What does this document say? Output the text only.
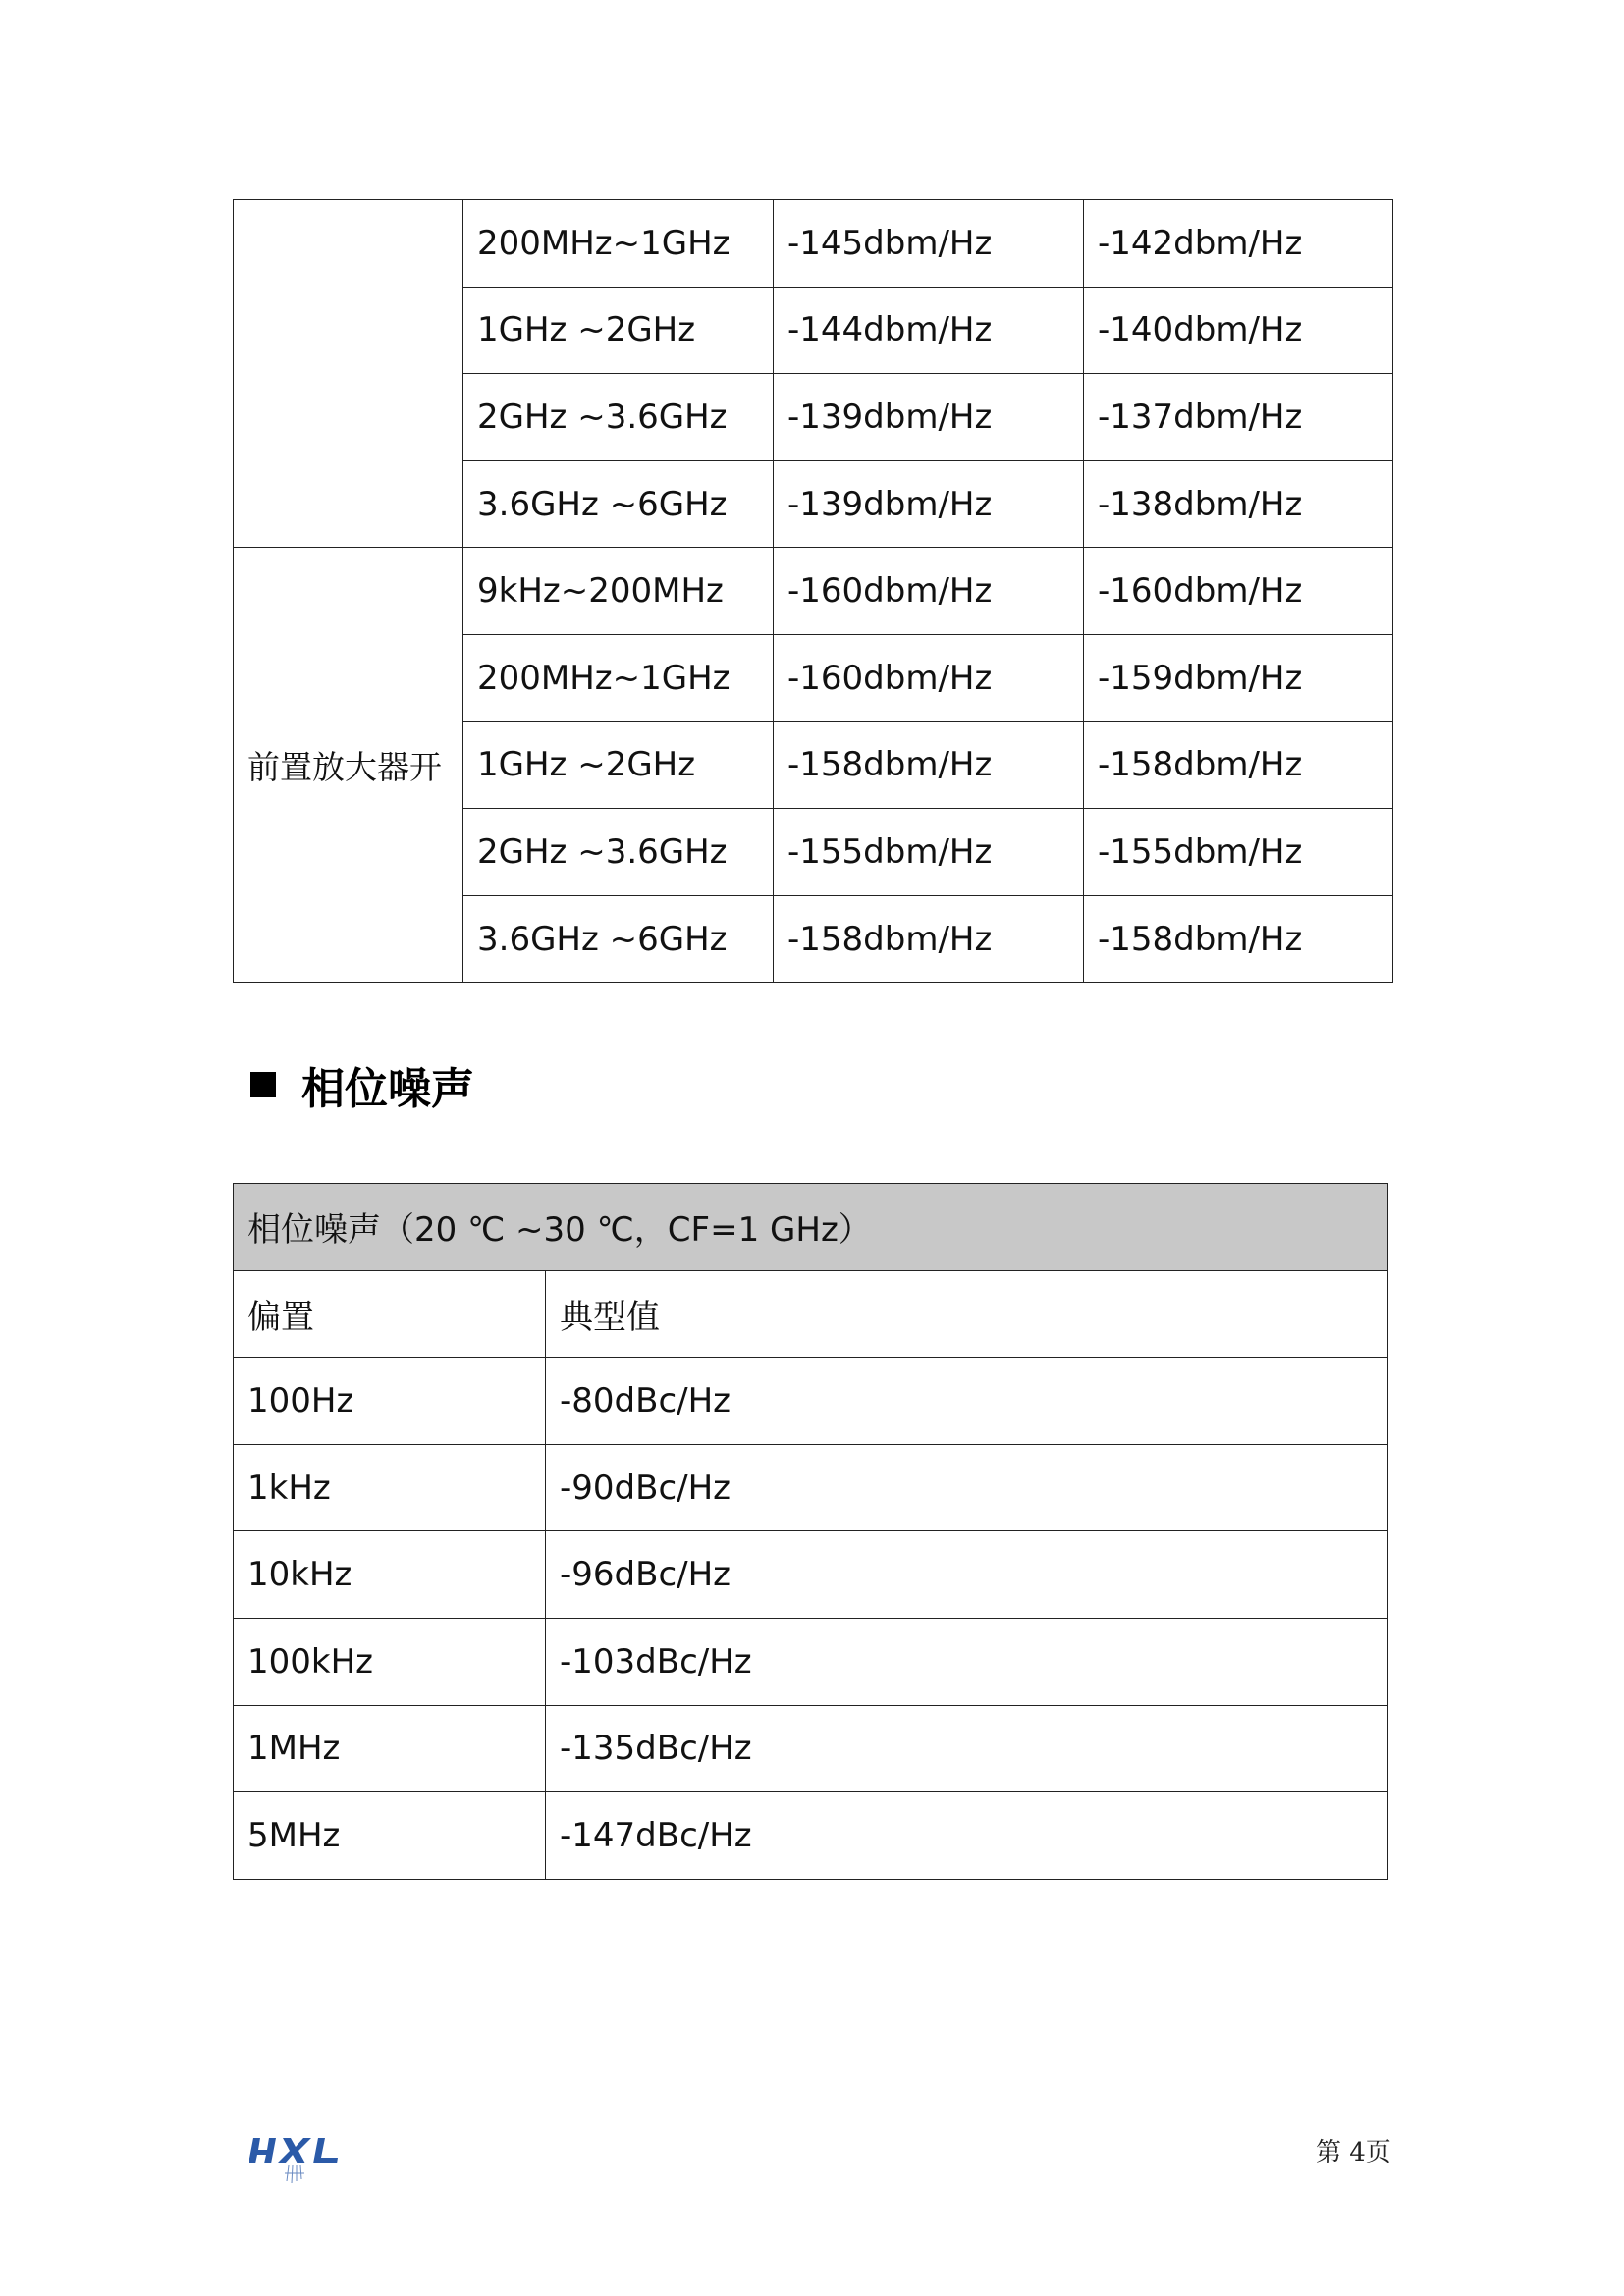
	200MHz~1GHz	-145dbm/Hz	-142dbm/Hz
	1GHz ~2GHz	-144dbm/Hz	-140dbm/Hz
	2GHz ~3.6GHz	-139dbm/Hz	-137dbm/Hz
	3.6GHz ~6GHz	-139dbm/Hz	-138dbm/Hz
前置放大器开	9kHz~200MHz	-160dbm/Hz	-160dbm/Hz
	200MHz~1GHz	-160dbm/Hz	-159dbm/Hz
	1GHz ~2GHz	-158dbm/Hz	-158dbm/Hz
	2GHz ~3.6GHz	-155dbm/Hz	-155dbm/Hz
	3.6GHz ~6GHz	-158dbm/Hz	-158dbm/Hz
相位噪声
相位噪声（20 ℃ ~30 ℃，CF=1 GHz）	
偏置	典型值
100Hz	-80dBc/Hz
1kHz	-90dBc/Hz
10kHz	-96dBc/Hz
100kHz	-103dBc/Hz
1MHz	-135dBc/Hz
5MHz	-147dBc/Hz
第 4页
